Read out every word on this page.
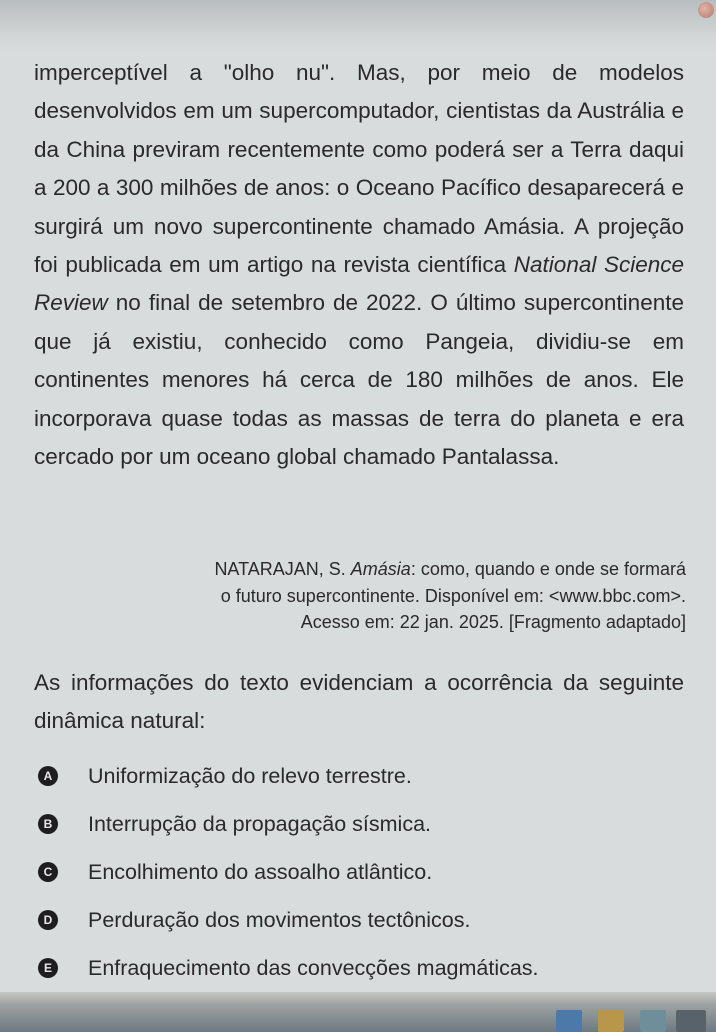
imperceptível a "olho nu". Mas, por meio de modelos desenvolvidos em um supercomputador, cientistas da Austrália e da China previram recentemente como poderá ser a Terra daqui a 200 a 300 milhões de anos: o Oceano Pacífico desaparecerá e surgirá um novo supercontinente chamado Amásia. A projeção foi publicada em um artigo na revista científica National Science Review no final de setembro de 2022. O último supercontinente que já existiu, conhecido como Pangeia, dividiu-se em continentes menores há cerca de 180 milhões de anos. Ele incorporava quase todas as massas de terra do planeta e era cercado por um oceano global chamado Pantalassa.

NATARAJAN, S. Amásia: como, quando e onde se formará

o futuro supercontinente. Disponível em: <www.bbc.com>.

Acesso em: 22 jan. 2025. [Fragmento adaptado]

As informações do texto evidenciam a ocorrência da seguinte dinâmica natural:

A Uniformização do relevo terrestre.
B Interrupção da propagação sísmica.
C Encolhimento do assoalho atlântico.
D Perduração dos movimentos tectônicos.
E Enfraquecimento das convecções magmáticas.
